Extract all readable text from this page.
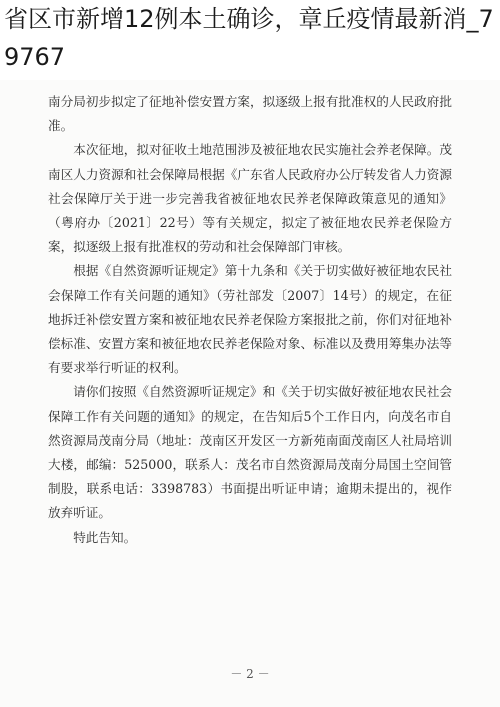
省区市新增12例本土确诊，章丘疫情最新消_79767

南分局初步拟定了征地补偿安置方案，拟逐级上报有批准权的人民政府批准。

本次征地，拟对征收土地范围涉及被征地农民实施社会养老保障。茂南区人力资源和社会保障局根据《广东省人民政府办公厅转发省人力资源社会保障厅关于进一步完善我省被征地农民养老保障政策意见的通知》（粤府办〔2021〕22号）等有关规定，拟定了被征地农民养老保险方案，拟逐级上报有批准权的劳动和社会保障部门审核。

根据《自然资源听证规定》第十九条和《关于切实做好被征地农民社会保障工作有关问题的通知》（劳社部发〔2007〕14号）的规定，在征地拆迁补偿安置方案和被征地农民养老保险方案报批之前，你们对征地补偿标准、安置方案和被征地农民养老保险对象、标准以及费用筹集办法等有要求举行听证的权利。

请你们按照《自然资源听证规定》和《关于切实做好被征地农民社会保障工作有关问题的通知》的规定，在告知后5个工作日内，向茂名市自然资源局茂南分局（地址：茂南区开发区一方新苑南面茂南区人社局培训大楼，邮编：525000，联系人：茂名市自然资源局茂南分局国土空间管制股，联系电话：3398783）书面提出听证申请；逾期未提出的，视作放弃听证。

特此告知。

－ 2 －
